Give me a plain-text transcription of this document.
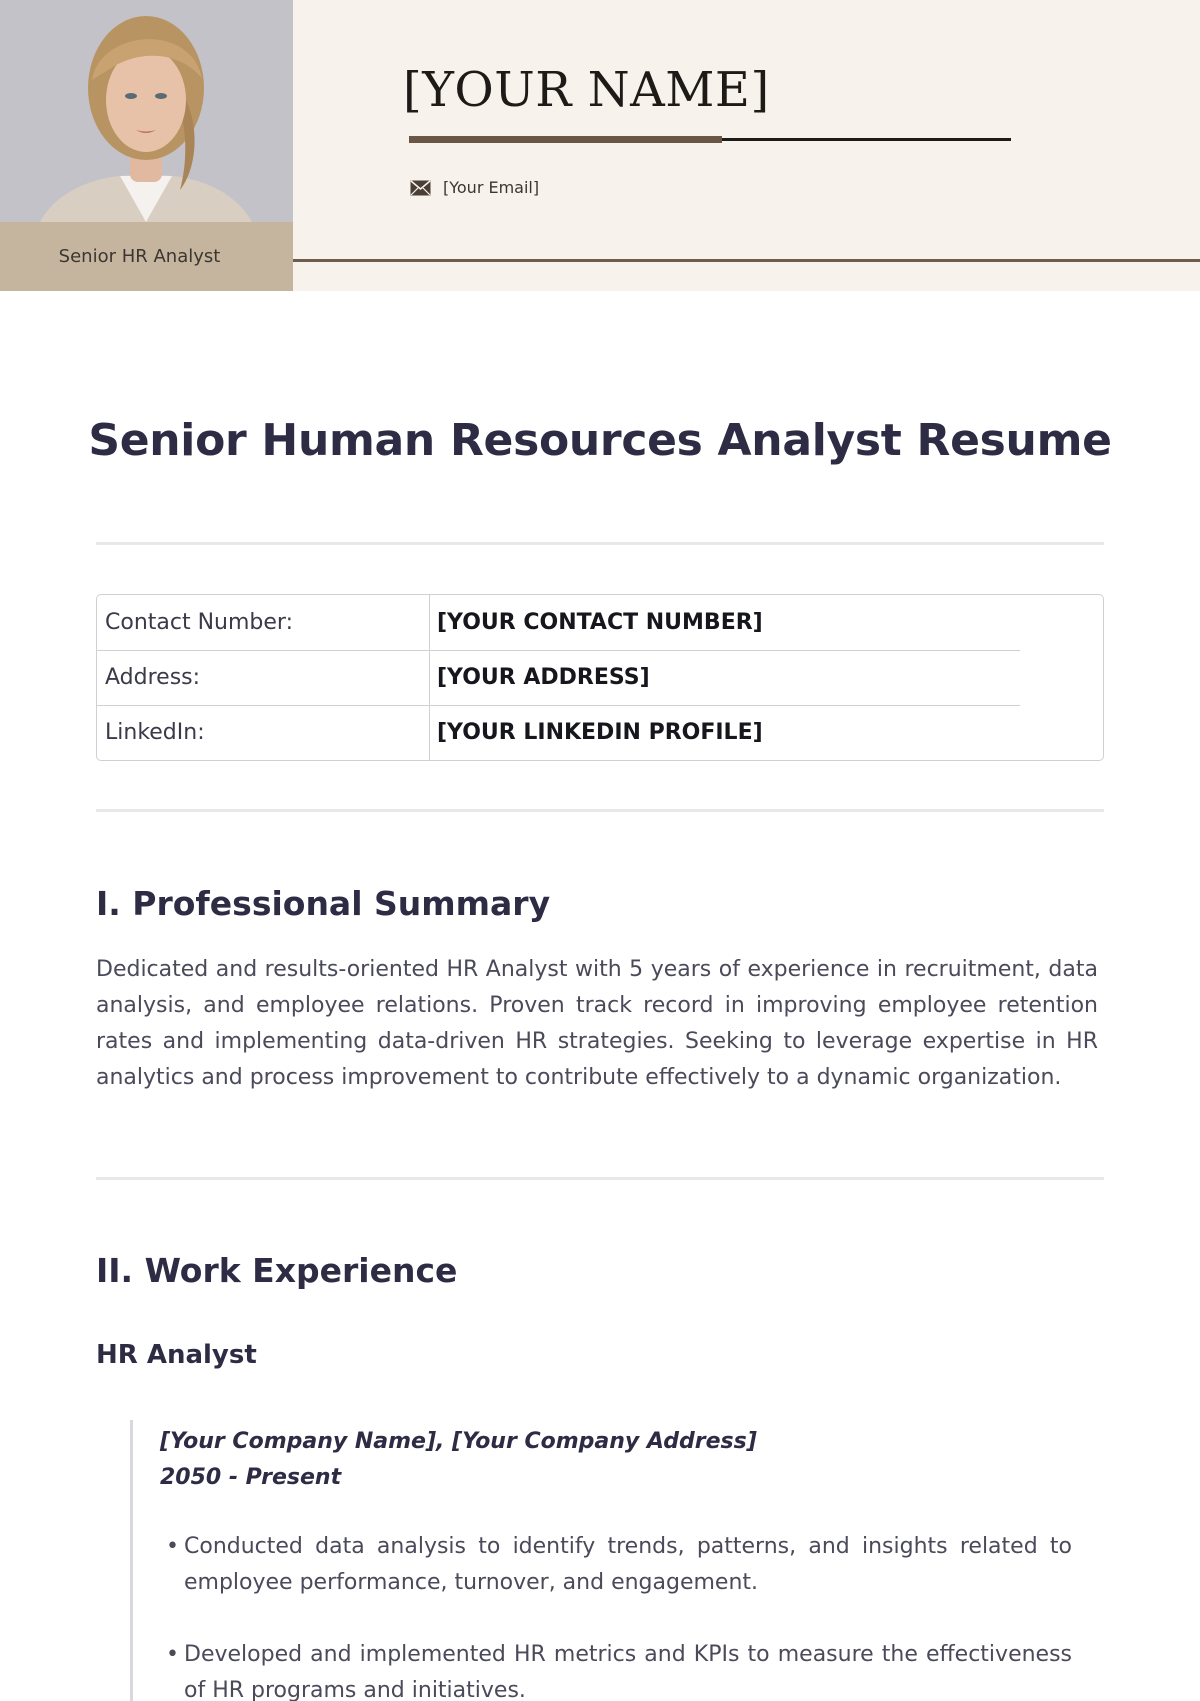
Senior HR Analyst
[YOUR NAME]
[Your Email]
Senior Human Resources Analyst Resume
Contact Number:	[YOUR CONTACT NUMBER]
Address:	[YOUR ADDRESS]
LinkedIn:	[YOUR LINKEDIN PROFILE]
I. Professional Summary

Dedicated and results-oriented HR Analyst with 5 years of experience in recruitment, data analysis, and employee relations. Proven track record in improving employee retention rates and implementing data-driven HR strategies. Seeking to leverage expertise in HR analytics and process improvement to contribute effectively to a dynamic organization.

II. Work Experience
HR Analyst
[Your Company Name], [Your Company Address]
2050 - Present
• Conducted data analysis to identify trends, patterns, and insights related to employee performance, turnover, and engagement.
• Developed and implemented HR metrics and KPIs to measure the effectiveness of HR programs and initiatives.
